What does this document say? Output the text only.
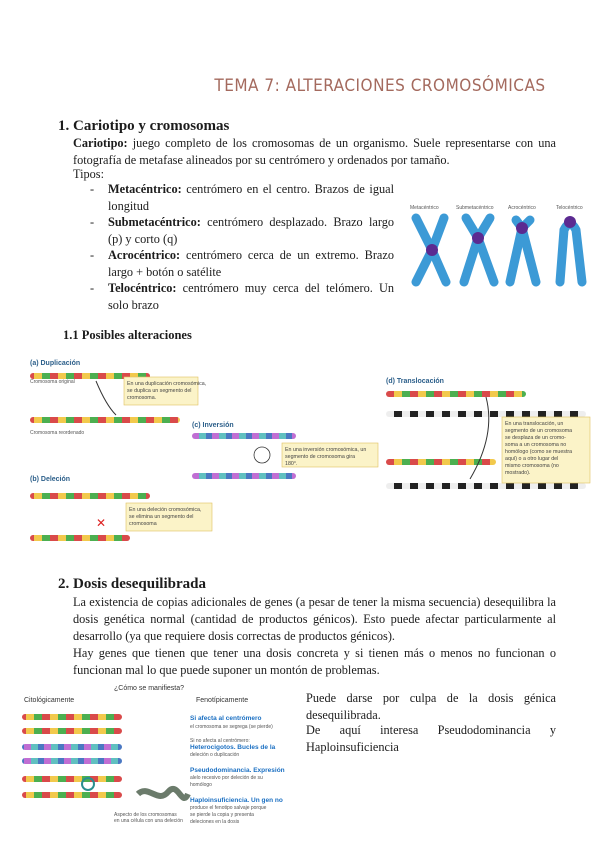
TEMA 7: ALTERACIONES CROMOSÓMICAS
1. Cariotipo y cromosomas
Cariotipo: juego completo de los cromosomas de un organismo. Suele representarse con una fotografía de metafase alineados por su centrómero y ordenados por tamaño.
Tipos:
- Metacéntrico: centrómero en el centro. Brazos de igual longitud
- Submetacéntrico: centrómero desplazado. Brazo largo (p) y corto (q)
- Acrocéntrico: centrómero cerca de un extremo. Brazo largo + botón o satélite
- Telocéntrico: centrómero muy cerca del telómero. Un solo brazo
Metacéntrico	Submetacéntrico	Acrocéntrico	Telocéntrico
1.1 Posibles alteraciones
(a) Duplicación
Cromosoma original
Cromosoma reordenado
En una duplicación cromosómica,
se duplica un segmento del
cromosoma.
(b) Deleción
✕
En una deleción cromosómica,
se elimina un segmento del
cromosoma
(c) Inversión
En una inversión cromosómica, un
segmento de cromosoma gira
180°.
(d) Translocación
En una translocación, un
segmento de un cromosoma
se desplaza de un cromo-
soma a un cromosoma no
homólogo (como se muestra
aquí) o a otro lugar del
mismo cromosoma (no
mostrado).
2. Dosis desequilibrada
La existencia de copias adicionales de genes (a pesar de tener la misma secuencia) desequilibra la dosis genética normal (cantidad de productos génicos). Esto puede afectar particularmente al desarrollo (ya que requiere dosis correctas de productos génicos).
Hay genes que tienen que tener una dosis concreta y si tienen más o menos no funcionan o funcionan mal lo que puede suponer un montón de problemas.
¿Cómo se manifiesta?
Citológicamente	Fenotípicamente
Aspecto de los cromosomas
en una célula con una deleción
Si afecta al centrómero
el cromosoma se segrega (se pierde)
Si no afecta al centrómero:
Heterocigotos. Bucles de la
deleción o duplicación
Pseudodominancia. Expresión
alelo recesivo por deleción de su
homólogo
Haploinsuficiencia. Un gen no
produce el fenotipo salvaje porque
se pierde la copia y presenta
deleciones en la dosis
Puede darse por culpa de la dosis génica desequilibrada.
De aquí interesa Pseudodominancia y Haploinsuficiencia
